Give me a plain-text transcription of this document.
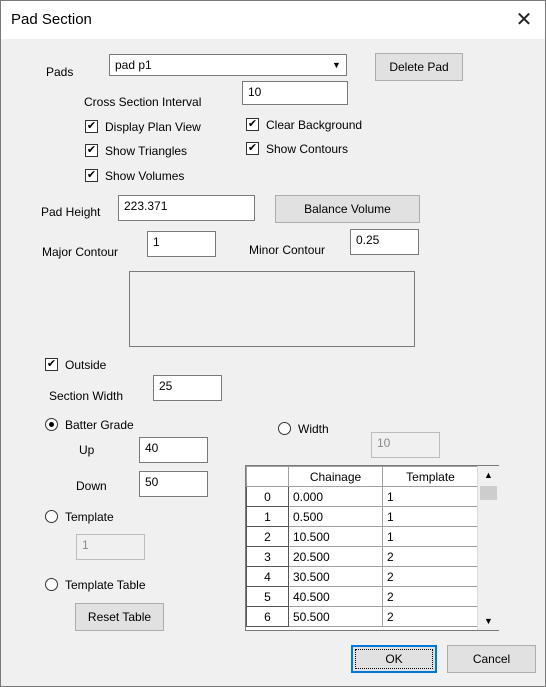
Pad Section	✕
Pads	pad p1	▼	Delete Pad
Cross Section Interval
10
✔ Display Plan View
✔ Show Triangles
✔ Show Volumes
✔ Clear Background
✔ Show Contours
Pad Height	223.371	Balance Volume
Major Contour
1
Minor Contour
0.25
✔ Outside
Section Width
25
Batter Grade
Up	40
Down	50
Width
10
Template
1
Template Table
Reset Table
	Chainage	Template
0	0.000	1
1	0.500	1
2	10.500	1
3	20.500	2
4	30.500	2
5	40.500	2
6	50.500	2
▲
▼
OK	Cancel
